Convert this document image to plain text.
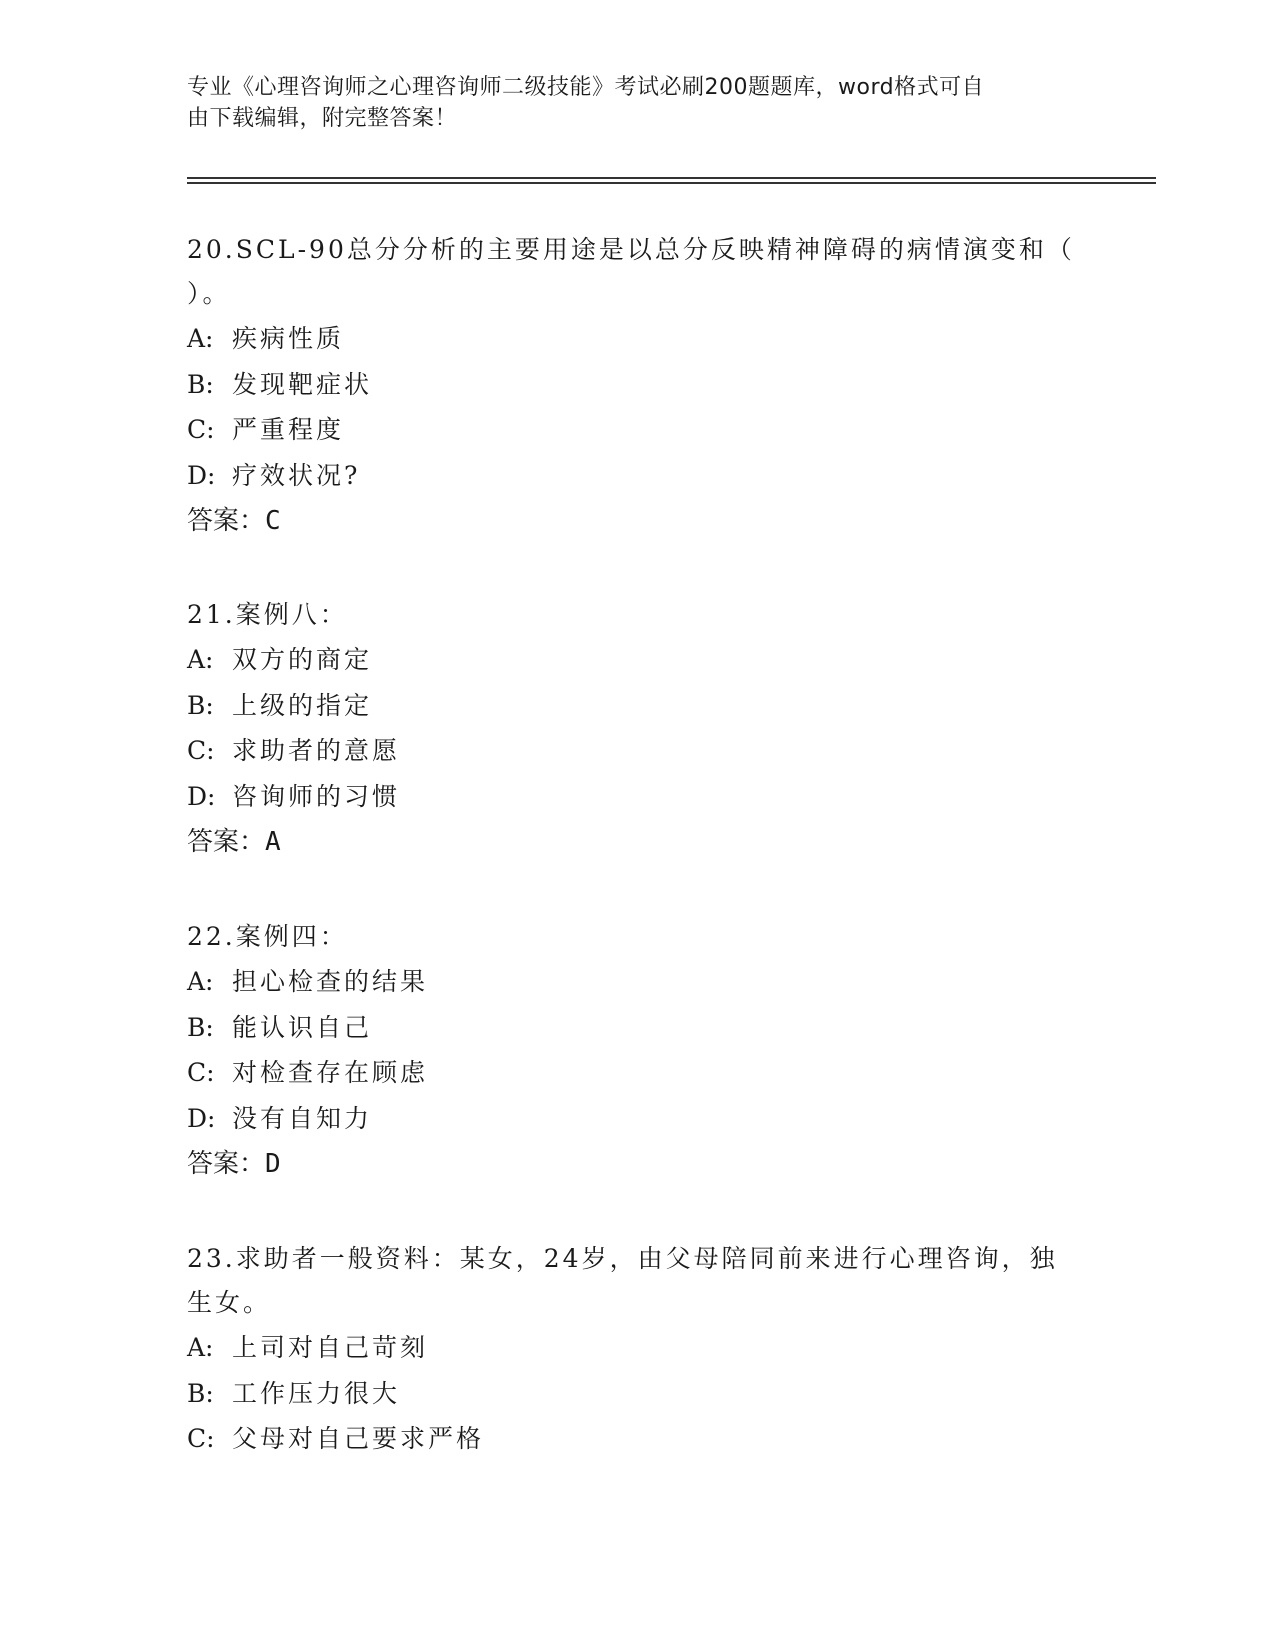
专业《心理咨询师之心理咨询师二级技能》考试必刷200题题库，word格式可自
由下载编辑，附完整答案！

20.SCL-90总分分析的主要用途是以总分反映精神障碍的病情演变和（

）。

A: 疾病性质

B: 发现靶症状

C: 严重程度

D: 疗效状况?

答案：C

21.案例八：

A: 双方的商定

B: 上级的指定

C: 求助者的意愿

D: 咨询师的习惯

答案：A

22.案例四：

A: 担心检查的结果

B: 能认识自己

C: 对检查存在顾虑

D: 没有自知力

答案：D

23.求助者一般资料：某女，24岁，由父母陪同前来进行心理咨询，独

生女。

A: 上司对自己苛刻

B: 工作压力很大

C: 父母对自己要求严格
